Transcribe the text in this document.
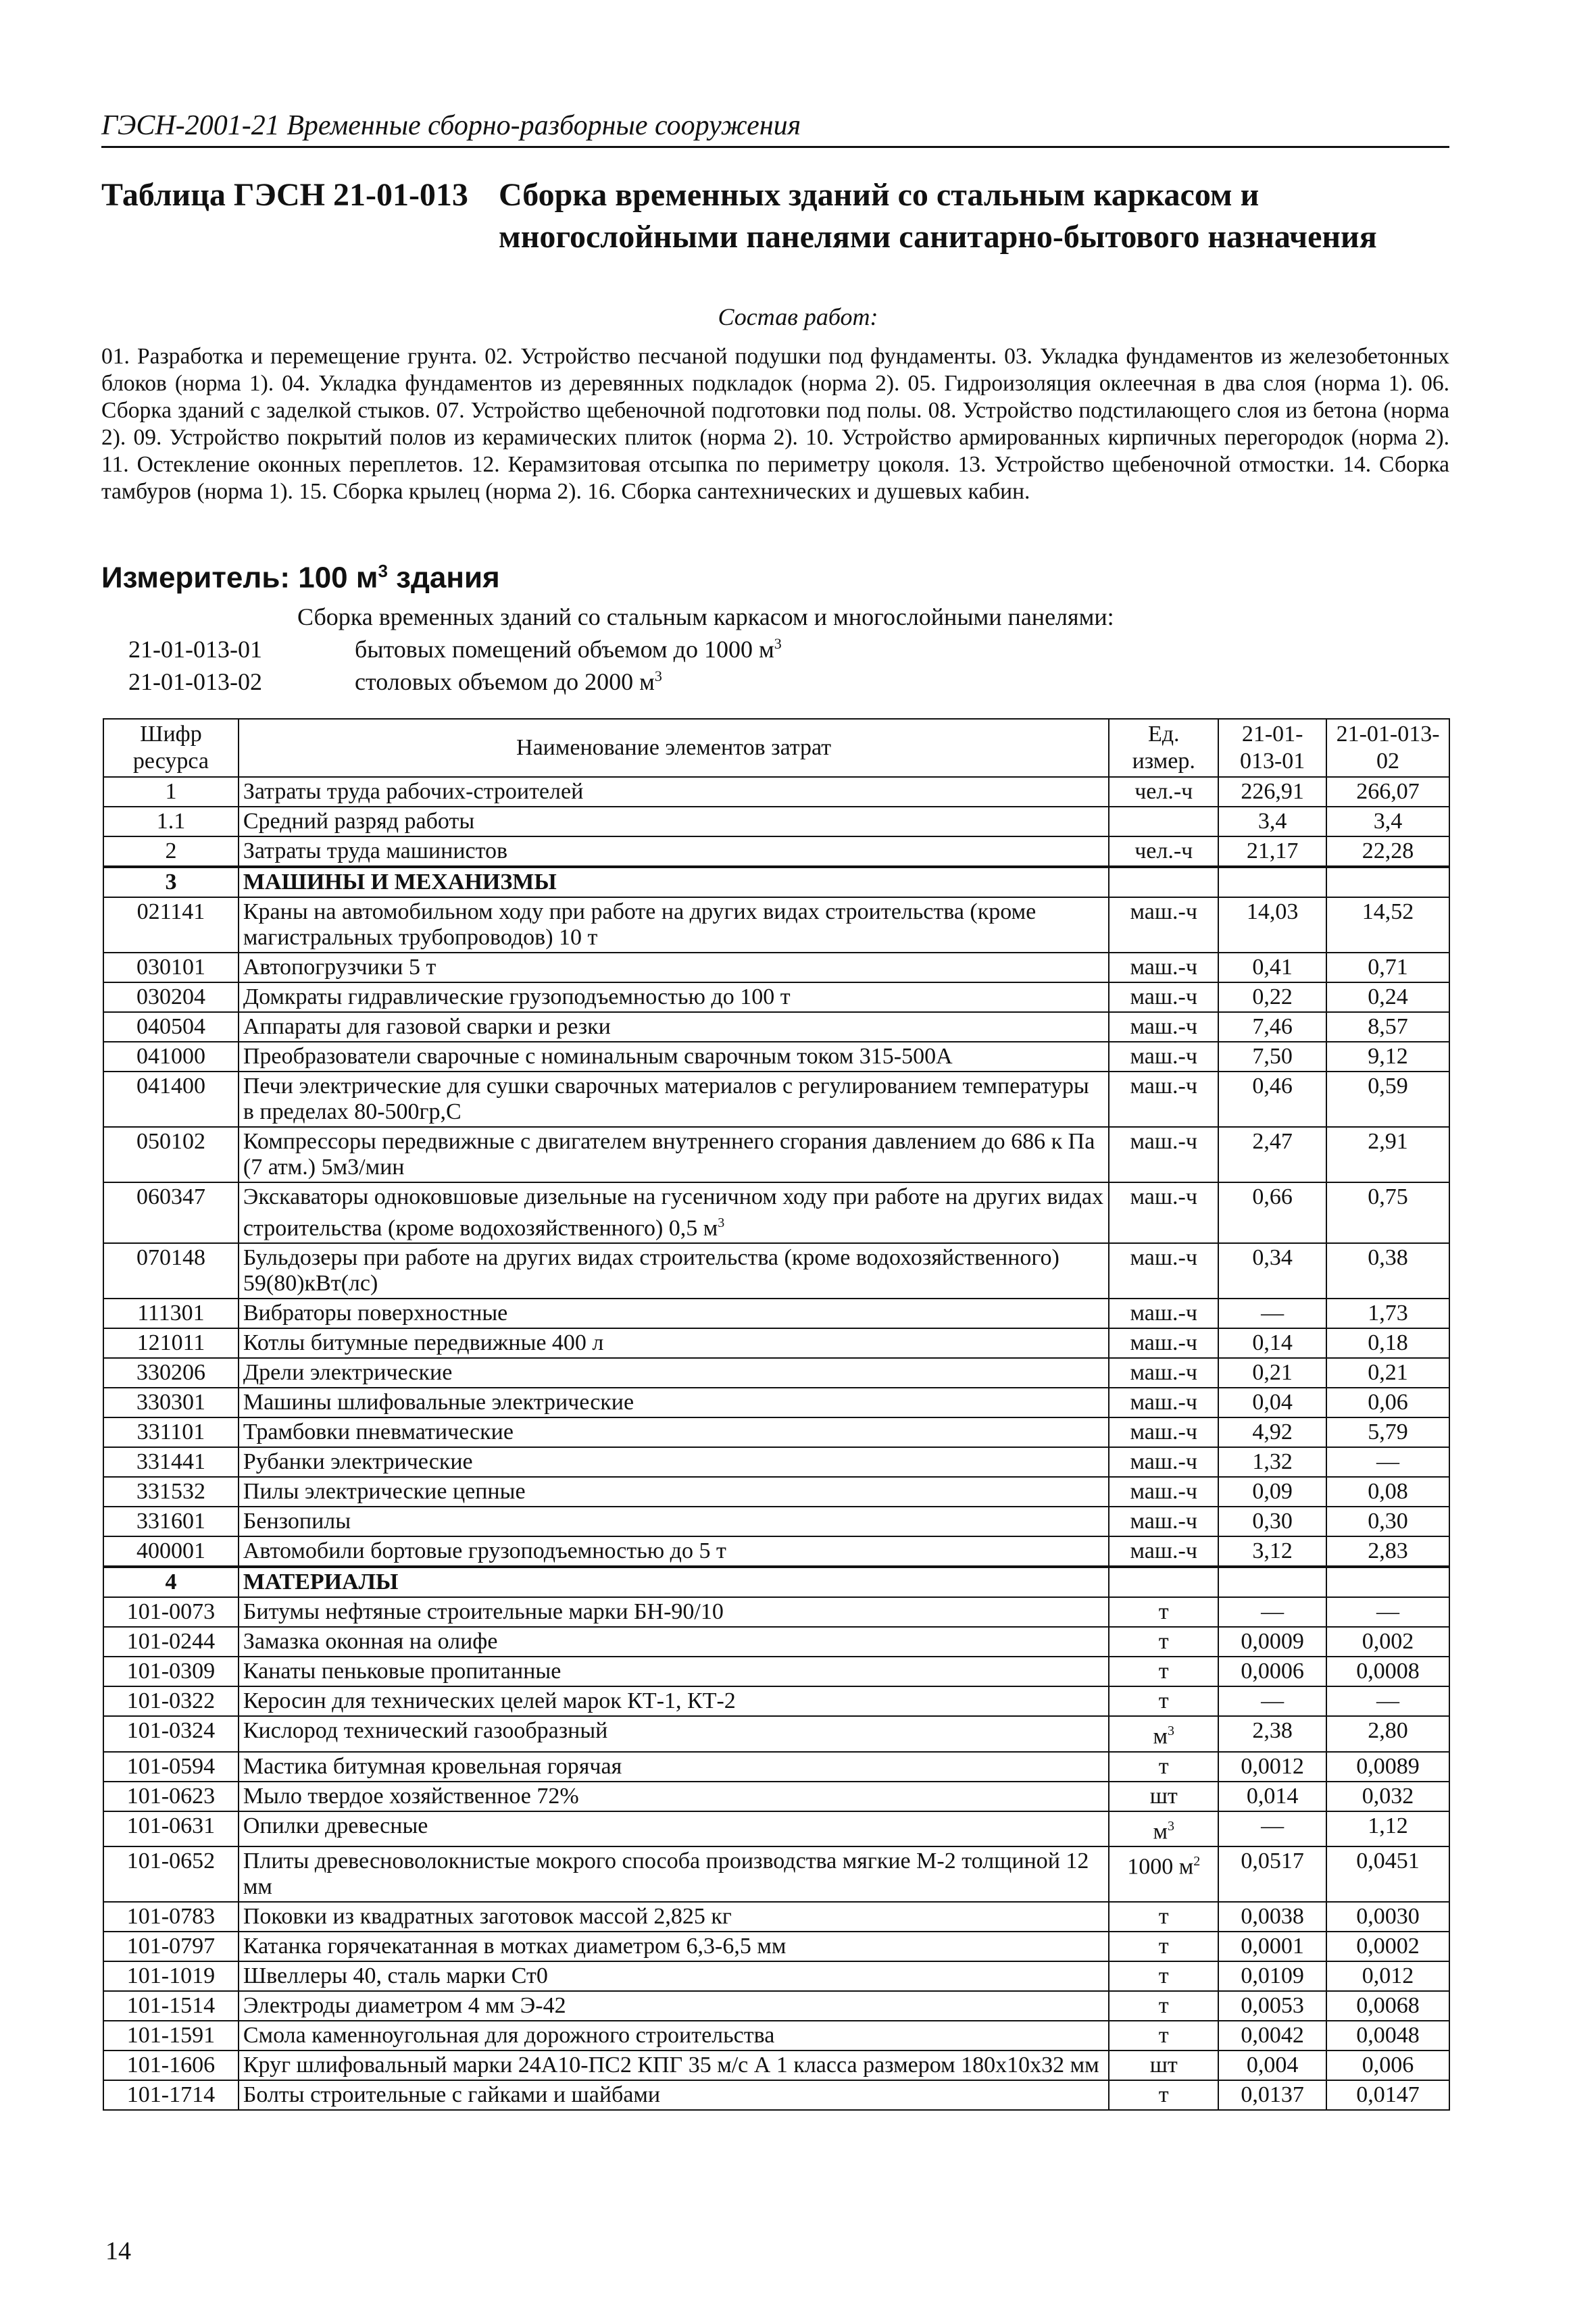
ГЭСН-2001-21 Временные сборно-разборные сооружения
Таблица ГЭСН 21-01-013 Сборка временных зданий со стальным каркасом и многослойными панелями санитарно-бытового назначения
Состав работ:
01. Разработка и перемещение грунта. 02. Устройство песчаной подушки под фундаменты. 03. Укладка фундаментов из железобетонных блоков (норма 1). 04. Укладка фундаментов из деревянных подкладок (норма 2). 05. Гидроизоляция оклеечная в два слоя (норма 1). 06. Сборка зданий с заделкой стыков. 07. Устройство щебеночной подготовки под полы. 08. Устройство подстилающего слоя из бетона (норма 2). 09. Устройство покрытий полов из керамических плиток (норма 2). 10. Устройство армированных кирпичных перегородок (норма 2). 11. Остекление оконных переплетов. 12. Керамзитовая отсыпка по периметру цоколя. 13. Устройство щебеночной отмостки. 14. Сборка тамбуров (норма 1). 15. Сборка крылец (норма 2). 16. Сборка сантехнических и душевых кабин.
Измеритель: 100 $м^3$ здания
Сборка временных зданий со стальным каркасом и многослойными панелями:
21-01-013-01	бытовых помещений объемом до 1000 $м^3$
21-01-013-02	столовых объемом до 2000 $м^3$
Шифр ресурса	Наименование элементов затрат	Ед. измер.	21-01-013-01	21-01-013-02
1	Затраты труда рабочих-строителей	чел.-ч	226,91	266,07
1.1	Средний разряд работы		3,4	3,4
2	Затраты труда машинистов	чел.-ч	21,17	22,28
3	МАШИНЫ И МЕХАНИЗМЫ			
021141	Краны на автомобильном ходу при работе на других видах строительства (кроме магистральных трубопроводов) 10 т	маш.-ч	14,03	14,52
030101	Автопогрузчики 5 т	маш.-ч	0,41	0,71
030204	Домкраты гидравлические грузоподъемностью до 100 т	маш.-ч	0,22	0,24
040504	Аппараты для газовой сварки и резки	маш.-ч	7,46	8,57
041000	Преобразователи сварочные с номинальным сварочным током 315-500А	маш.-ч	7,50	9,12
041400	Печи электрические для сушки сварочных материалов с регулированием температуры в пределах 80-500гр,С	маш.-ч	0,46	0,59
050102	Компрессоры передвижные с двигателем внутреннего сгорания давлением до 686 к Па (7 атм.) 5м3/мин	маш.-ч	2,47	2,91
060347	Экскаваторы одноковшовые дизельные на гусеничном ходу при работе на других видах строительства (кроме водохозяйственного) 0,5 $м^3$	маш.-ч	0,66	0,75
070148	Бульдозеры при работе на других видах строительства (кроме водохозяйственного) 59(80)кВт(лс)	маш.-ч	0,34	0,38
111301	Вибраторы поверхностные	маш.-ч	—	1,73
121011	Котлы битумные передвижные 400 л	маш.-ч	0,14	0,18
330206	Дрели электрические	маш.-ч	0,21	0,21
330301	Машины шлифовальные электрические	маш.-ч	0,04	0,06
331101	Трамбовки пневматические	маш.-ч	4,92	5,79
331441	Рубанки электрические	маш.-ч	1,32	—
331532	Пилы электрические цепные	маш.-ч	0,09	0,08
331601	Бензопилы	маш.-ч	0,30	0,30
400001	Автомобили бортовые грузоподъемностью до 5 т	маш.-ч	3,12	2,83
4	МАТЕРИАЛЫ			
101-0073	Битумы нефтяные строительные марки БН-90/10	т	—	—
101-0244	Замазка оконная на олифе	т	0,0009	0,002
101-0309	Канаты пеньковые пропитанные	т	0,0006	0,0008
101-0322	Керосин для технических целей марок КТ-1, КТ-2	т	—	—
101-0324	Кислород технический газообразный	$м^3$	2,38	2,80
101-0594	Мастика битумная кровельная горячая	т	0,0012	0,0089
101-0623	Мыло твердое хозяйственное 72%	шт	0,014	0,032
101-0631	Опилки древесные	$м^3$	—	1,12
101-0652	Плиты древесноволокнистые мокрого способа производства мягкие М-2 толщиной 12 мм	1000 $м^2$	0,0517	0,0451
101-0783	Поковки из квадратных заготовок массой 2,825 кг	т	0,0038	0,0030
101-0797	Катанка горячекатанная в мотках диаметром 6,3-6,5 мм	т	0,0001	0,0002
101-1019	Швеллеры 40, сталь марки Ст0	т	0,0109	0,012
101-1514	Электроды диаметром 4 мм Э-42	т	0,0053	0,0068
101-1591	Смола каменноугольная для дорожного строительства	т	0,0042	0,0048
101-1606	Круг шлифовальный марки 24А10-ПС2 КПГ 35 м/с А 1 класса размером 180х10х32 мм	шт	0,004	0,006
101-1714	Болты строительные с гайками и шайбами	т	0,0137	0,0147
14
